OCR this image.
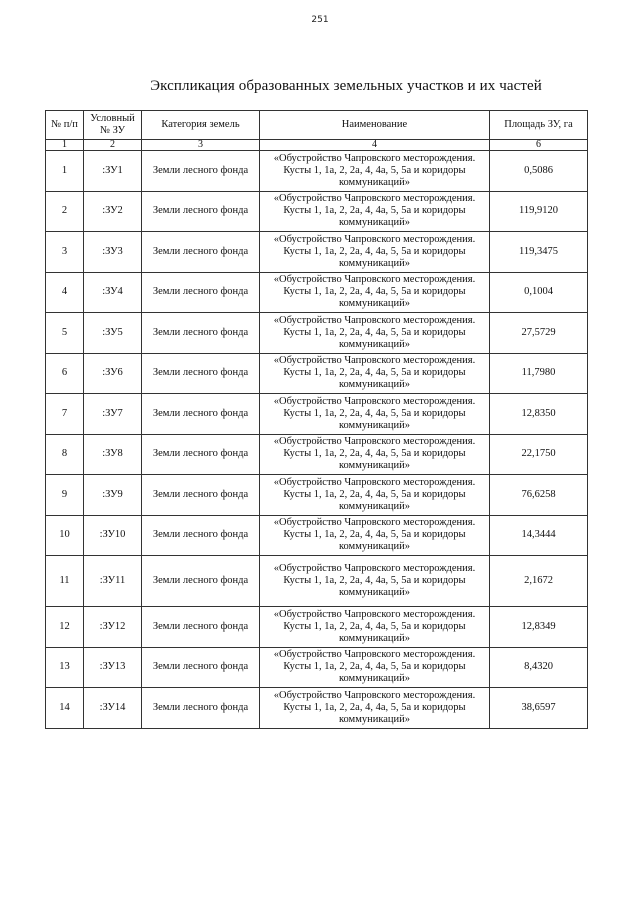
251
Экспликация образованных земельных участков и их частей
№ п/п	Условный № ЗУ	Категория земель	Наименование	Площадь ЗУ, га
1	2	3	4	6
1	:ЗУ1	Земли лесного фонда	«Обустройство Чапровского месторождения. Кусты 1, 1а, 2, 2а, 4, 4а, 5, 5а и коридоры коммуникаций»	0,5086
2	:ЗУ2	Земли лесного фонда	«Обустройство Чапровского месторождения. Кусты 1, 1а, 2, 2а, 4, 4а, 5, 5а и коридоры коммуникаций»	119,9120
3	:ЗУ3	Земли лесного фонда	«Обустройство Чапровского месторождения. Кусты 1, 1а, 2, 2а, 4, 4а, 5, 5а и коридоры коммуникаций»	119,3475
4	:ЗУ4	Земли лесного фонда	«Обустройство Чапровского месторождения. Кусты 1, 1а, 2, 2а, 4, 4а, 5, 5а и коридоры коммуникаций»	0,1004
5	:ЗУ5	Земли лесного фонда	«Обустройство Чапровского месторождения. Кусты 1, 1а, 2, 2а, 4, 4а, 5, 5а и коридоры коммуникаций»	27,5729
6	:ЗУ6	Земли лесного фонда	«Обустройство Чапровского месторождения. Кусты 1, 1а, 2, 2а, 4, 4а, 5, 5а и коридоры коммуникаций»	11,7980
7	:ЗУ7	Земли лесного фонда	«Обустройство Чапровского месторождения. Кусты 1, 1а, 2, 2а, 4, 4а, 5, 5а и коридоры коммуникаций»	12,8350
8	:ЗУ8	Земли лесного фонда	«Обустройство Чапровского месторождения. Кусты 1, 1а, 2, 2а, 4, 4а, 5, 5а и коридоры коммуникаций»	22,1750
9	:ЗУ9	Земли лесного фонда	«Обустройство Чапровского месторождения. Кусты 1, 1а, 2, 2а, 4, 4а, 5, 5а и коридоры коммуникаций»	76,6258
10	:ЗУ10	Земли лесного фонда	«Обустройство Чапровского месторождения. Кусты 1, 1а, 2, 2а, 4, 4а, 5, 5а и коридоры коммуникаций»	14,3444
11	:ЗУ11	Земли лесного фонда	«Обустройство Чапровского месторождения. Кусты 1, 1а, 2, 2а, 4, 4а, 5, 5а и коридоры коммуникаций»	2,1672
12	:ЗУ12	Земли лесного фонда	«Обустройство Чапровского месторождения. Кусты 1, 1а, 2, 2а, 4, 4а, 5, 5а и коридоры коммуникаций»	12,8349
13	:ЗУ13	Земли лесного фонда	«Обустройство Чапровского месторождения. Кусты 1, 1а, 2, 2а, 4, 4а, 5, 5а и коридоры коммуникаций»	8,4320
14	:ЗУ14	Земли лесного фонда	«Обустройство Чапровского месторождения. Кусты 1, 1а, 2, 2а, 4, 4а, 5, 5а и коридоры коммуникаций»	38,6597
